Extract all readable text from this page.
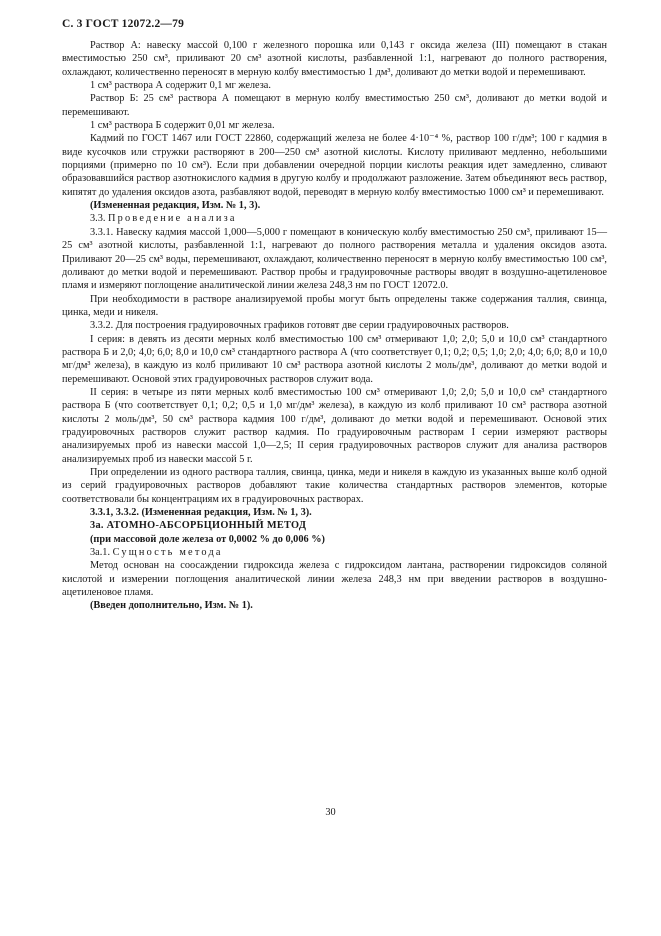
С. 3 ГОСТ 12072.2—79

Раствор А: навеску массой 0,100 г железного порошка или 0,143 г оксида железа (III) помещают в стакан вместимостью 250 см³, приливают 20 см³ азотной кислоты, разбавленной 1:1, нагревают до полного растворения, охлаждают, количественно переносят в мерную колбу вместимостью 1 дм³, доливают до метки водой и перемешивают.

1 см³ раствора А содержит 0,1 мг железа.

Раствор Б: 25 см³ раствора А помещают в мерную колбу вместимостью 250 см³, доливают до метки водой и перемешивают.

1 см³ раствора Б содержит 0,01 мг железа.

Кадмий по ГОСТ 1467 или ГОСТ 22860, содержащий железа не более 4·10⁻⁴ %, раствор 100 г/дм³; 100 г кадмия в виде кусочков или стружки растворяют в 200—250 см³ азотной кислоты. Кислоту приливают медленно, небольшими порциями (примерно по 10 см³). Если при добавлении очередной порции кислоты реакция идет замедленно, сливают образовавшийся раствор азотнокислого кадмия в другую колбу и продолжают разложение. Затем объединяют весь раствор, кипятят до удаления оксидов азота, разбавляют водой, переводят в мерную колбу вместимостью 1000 см³ и перемешивают.

(Измененная редакция, Изм. № 1, 3).

3.3. Проведение анализа

3.3.1. Навеску кадмия массой 1,000—5,000 г помещают в коническую колбу вместимостью 250 см³, приливают 15—25 см³ азотной кислоты, разбавленной 1:1, нагревают до полного растворения металла и удаления оксидов азота. Приливают 20—25 см³ воды, перемешивают, охлаждают, количественно переносят в мерную колбу вместимостью 100 см³, доливают до метки водой и перемешивают. Раствор пробы и градуировочные растворы вводят в воздушно-ацетиленовое пламя и измеряют поглощение аналитической линии железа 248,3 нм по ГОСТ 12072.0.

При необходимости в растворе анализируемой пробы могут быть определены также содержания таллия, свинца, цинка, меди и никеля.

3.3.2. Для построения градуировочных графиков готовят две серии градуировочных растворов.

I серия: в девять из десяти мерных колб вместимостью 100 см³ отмеривают 1,0; 2,0; 5,0 и 10,0 см³ стандартного раствора Б и 2,0; 4,0; 6,0; 8,0 и 10,0 см³ стандартного раствора А (что соответствует 0,1; 0,2; 0,5; 1,0; 2,0; 4,0; 6,0; 8,0 и 10,0 мг/дм³ железа), в каждую из колб приливают 10 см³ раствора азотной кислоты 2 моль/дм³, доливают до метки водой и перемешивают. Основой этих градуировочных растворов служит вода.

II серия: в четыре из пяти мерных колб вместимостью 100 см³ отмеривают 1,0; 2,0; 5,0 и 10,0 см³ стандартного раствора Б (что соответствует 0,1; 0,2; 0,5 и 1,0 мг/дм³ железа), в каждую из колб приливают 10 см³ раствора азотной кислоты 2 моль/дм³, 50 см³ раствора кадмия 100 г/дм³, доливают до метки водой и перемешивают. Основой этих градуировочных растворов служит раствор кадмия. По градуировочным растворам I серии измеряют растворы анализируемых проб из навески массой 1,0—2,5; II серия градуировочных растворов служит для анализа растворов анализируемых проб из навески массой 5 г.

При определении из одного раствора таллия, свинца, цинка, меди и никеля в каждую из указанных выше колб одной из серий градуировочных растворов добавляют такие количества стандартных растворов элементов, которые соответствовали бы концентрациям их в градуировочных растворах.

3.3.1, 3.3.2. (Измененная редакция, Изм. № 1, 3).

3а. АТОМНО-АБСОРБЦИОННЫЙ МЕТОД

(при массовой доле железа от 0,0002 % до 0,006 %)

3а.1. Сущность метода

Метод основан на соосаждении гидроксида железа с гидроксидом лантана, растворении гидроксидов соляной кислотой и измерении поглощения аналитической линии железа 248,3 нм при введении растворов в воздушно-ацетиленовое пламя.

(Введен дополнительно, Изм. № 1).

30
